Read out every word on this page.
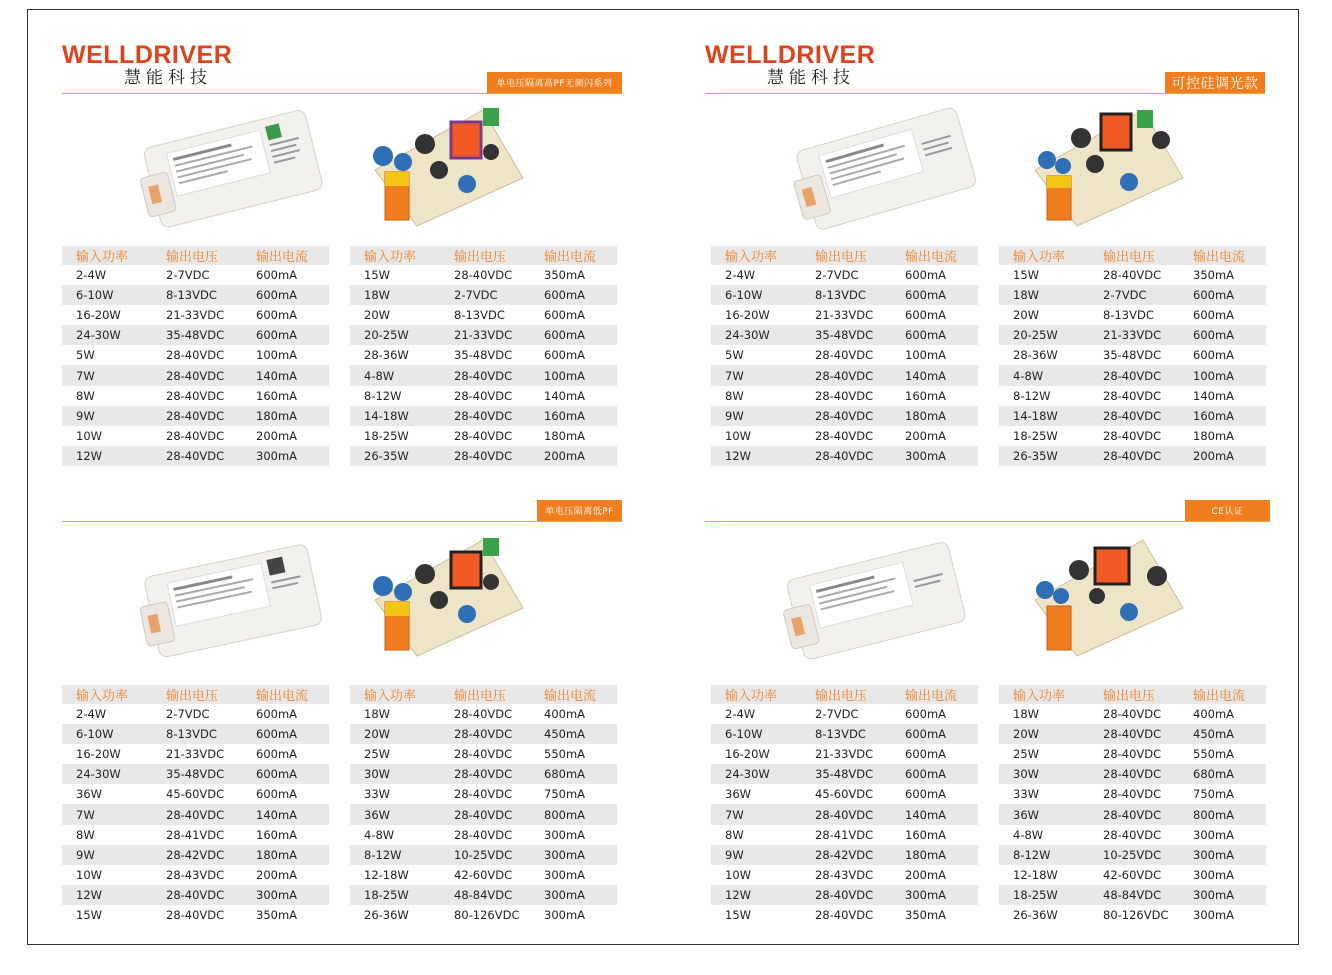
WELLDRIVER
慧能科技
WELLDRIVER
慧能科技
单电压隔离高PF无频闪系列	可控硅调光款
单电压隔离低PF	CE认证
输入功率	输出电压	输出电流
2-4W	2-7VDC	600mA
6-10W	8-13VDC	600mA
16-20W	21-33VDC	600mA
24-30W	35-48VDC	600mA
5W	28-40VDC	100mA
7W	28-40VDC	140mA
8W	28-40VDC	160mA
9W	28-40VDC	180mA
10W	28-40VDC	200mA
12W	28-40VDC	300mA
输入功率	输出电压	输出电流
15W	28-40VDC	350mA
18W	2-7VDC	600mA
20W	8-13VDC	600mA
20-25W	21-33VDC	600mA
28-36W	35-48VDC	600mA
4-8W	28-40VDC	100mA
8-12W	28-40VDC	140mA
14-18W	28-40VDC	160mA
18-25W	28-40VDC	180mA
26-35W	28-40VDC	200mA
输入功率	输出电压	输出电流
2-4W	2-7VDC	600mA
6-10W	8-13VDC	600mA
16-20W	21-33VDC	600mA
24-30W	35-48VDC	600mA
5W	28-40VDC	100mA
7W	28-40VDC	140mA
8W	28-40VDC	160mA
9W	28-40VDC	180mA
10W	28-40VDC	200mA
12W	28-40VDC	300mA
输入功率	输出电压	输出电流
15W	28-40VDC	350mA
18W	2-7VDC	600mA
20W	8-13VDC	600mA
20-25W	21-33VDC	600mA
28-36W	35-48VDC	600mA
4-8W	28-40VDC	100mA
8-12W	28-40VDC	140mA
14-18W	28-40VDC	160mA
18-25W	28-40VDC	180mA
26-35W	28-40VDC	200mA
输入功率	输出电压	输出电流
2-4W	2-7VDC	600mA
6-10W	8-13VDC	600mA
16-20W	21-33VDC	600mA
24-30W	35-48VDC	600mA
36W	45-60VDC	600mA
7W	28-40VDC	140mA
8W	28-41VDC	160mA
9W	28-42VDC	180mA
10W	28-43VDC	200mA
12W	28-40VDC	300mA
15W	28-40VDC	350mA
输入功率	输出电压	输出电流
18W	28-40VDC	400mA
20W	28-40VDC	450mA
25W	28-40VDC	550mA
30W	28-40VDC	680mA
33W	28-40VDC	750mA
36W	28-40VDC	800mA
4-8W	28-40VDC	300mA
8-12W	10-25VDC	300mA
12-18W	42-60VDC	300mA
18-25W	48-84VDC	300mA
26-36W	80-126VDC	300mA
输入功率	输出电压	输出电流
2-4W	2-7VDC	600mA
6-10W	8-13VDC	600mA
16-20W	21-33VDC	600mA
24-30W	35-48VDC	600mA
36W	45-60VDC	600mA
7W	28-40VDC	140mA
8W	28-41VDC	160mA
9W	28-42VDC	180mA
10W	28-43VDC	200mA
12W	28-40VDC	300mA
15W	28-40VDC	350mA
输入功率	输出电压	输出电流
18W	28-40VDC	400mA
20W	28-40VDC	450mA
25W	28-40VDC	550mA
30W	28-40VDC	680mA
33W	28-40VDC	750mA
36W	28-40VDC	800mA
4-8W	28-40VDC	300mA
8-12W	10-25VDC	300mA
12-18W	42-60VDC	300mA
18-25W	48-84VDC	300mA
26-36W	80-126VDC	300mA
